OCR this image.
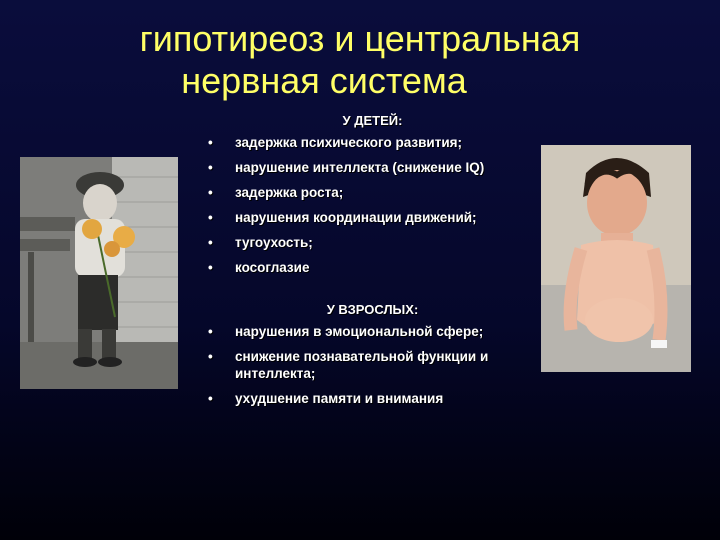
гипотиреоз и центральная
нервная система
У ДЕТЕЙ:
• задержка психического развития;
• нарушение интеллекта (снижение IQ)
• задержка роста;
• нарушения координации движений;
• тугоухость;
• косоглазие
У ВЗРОСЛЫХ:
• нарушения в эмоциональной сфере;
• снижение познавательной функции и интеллекта;
• ухудшение памяти и внимания
